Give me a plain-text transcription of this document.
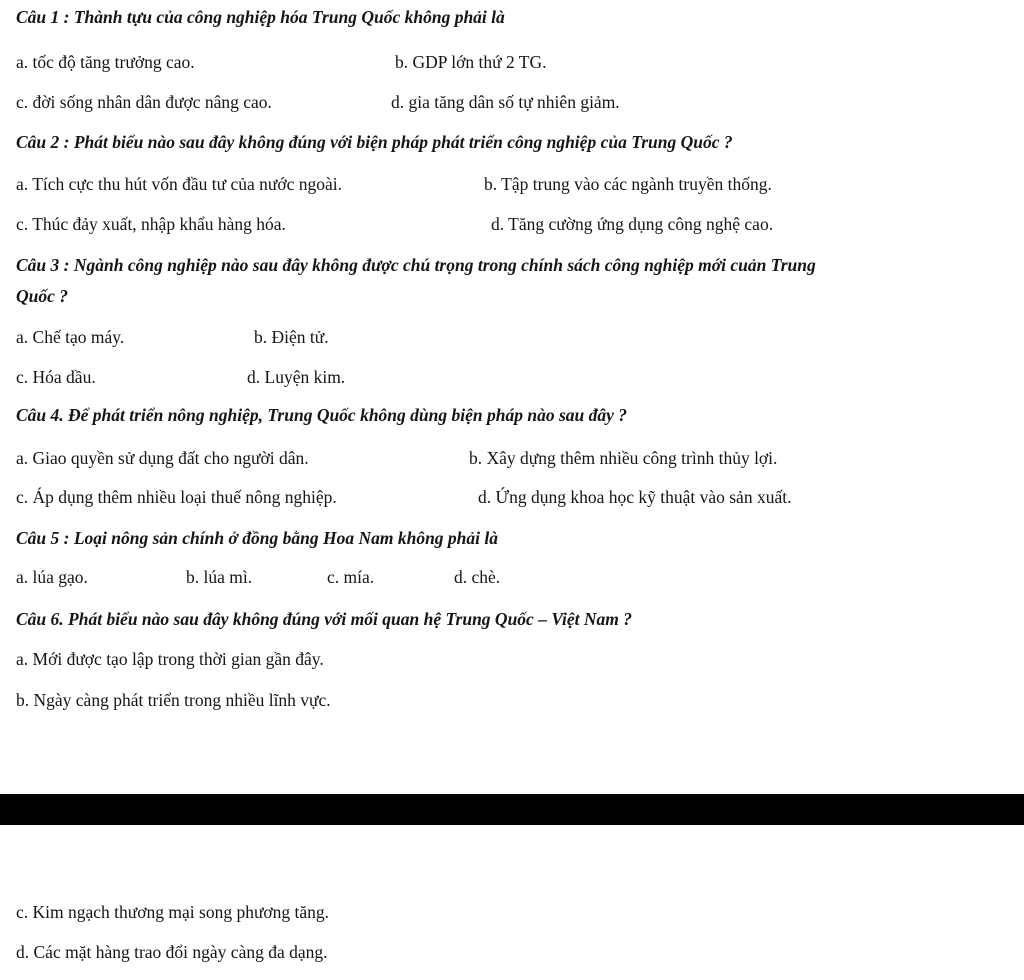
Câu 1 : Thành tựu của công nghiệp hóa Trung Quốc không phải là
a. tốc độ tăng trưởng cao.	b. GDP lớn thứ 2 TG.
c. đời sống nhân dân được nâng cao.	d. gia tăng dân số tự nhiên giảm.
Câu 2 : Phát biểu nào sau đây không đúng với biện pháp phát triển công nghiệp của Trung Quốc ?
a. Tích cực thu hút vốn đầu tư của nước ngoài.	b. Tập trung vào các ngành truyền thống.
c. Thúc đảy xuất, nhập khẩu hàng hóa.	d. Tăng cường ứng dụng công nghệ cao.
Câu 3 : Ngành công nghiệp nào sau đây không được chú trọng trong chính sách công nghiệp mới cuản Trung
Quốc ?
a. Chế tạo máy.	b. Điện tử.
c. Hóa dầu.	d. Luyện kim.
Câu 4. Để phát triển nông nghiệp, Trung Quốc không dùng biện pháp nào sau đây ?
a. Giao quyền sử dụng đất cho người dân.	b. Xây dựng thêm nhiều công trình thủy lợi.
c. Áp dụng thêm nhiều loại thuế nông nghiệp.	d. Ứng dụng khoa học kỹ thuật vào sản xuất.
Câu 5 : Loại nông sản chính ở đồng bằng Hoa Nam không phải là
a. lúa gạo.	b. lúa mì.	c. mía.	d. chè.
Câu 6. Phát biểu nào sau đây không đúng với mối quan hệ Trung Quốc – Việt Nam ?
a. Mới được tạo lập trong thời gian gần đây.
b. Ngày càng phát triển trong nhiều lĩnh vực.
c. Kim ngạch thương mại song phương tăng.
d. Các mặt hàng trao đổi ngày càng đa dạng.
